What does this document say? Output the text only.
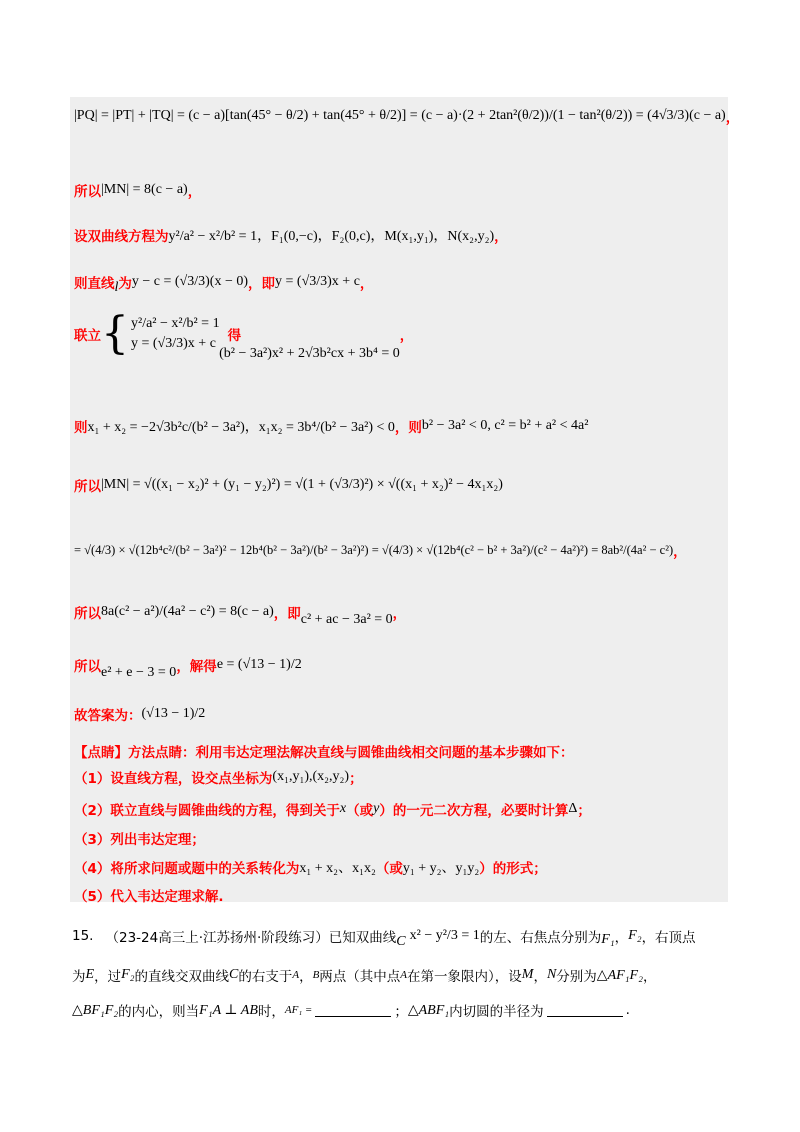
|PQ| = |PT| + |TQ| = (c − a)[tan(45° − θ/2) + tan(45° + θ/2)] = (c − a)·(2 + 2tan²(θ/2))/(1 − tan²(θ/2)) = (4√3/3)(c − a) ，
所以 |MN| = 8(c − a) ，
设双曲线方程为 y²/a² − x²/b² = 1，F₁(0,−c)，F₂(0,c)，M(x₁,y₁)，N(x₂,y₂) ，
则直线 l 为 y − c = (√3/3)(x − 0) ，即 y = (√3/3)x + c ，
联立 { y²/a² − x²/b² = 1
y = (√3/3)x + c 得
(b² − 3a²)x² + 2√3b²cx + 3b⁴ = 0
，
则 x₁ + x₂ = −2√3b²c/(b² − 3a²)，x₁x₂ = 3b⁴/(b² − 3a²) < 0 ，则 b² − 3a² < 0, c² = b² + a² < 4a²
所以 |MN| = √((x₁ − x₂)² + (y₁ − y₂)²) = √(1 + (√3/3)²) × √((x₁ + x₂)² − 4x₁x₂)
= √(4/3) × √(12b⁴c²/(b² − 3a²)² − 12b⁴(b² − 3a²)/(b² − 3a²)²) = √(4/3) × √(12b⁴(c² − b² + 3a²)/(c² − 4a²)²) = 8ab²/(4a² − c²) ，
所以 8a(c² − a²)/(4a² − c²) = 8(c − a) ，即 c² + ac − 3a² = 0 ，
所以 e² + e − 3 = 0 ，解得 e = (√13 − 1)/2
故答案为： (√13 − 1)/2
【点睛】方法点睛：利用韦达定理法解决直线与圆锥曲线相交问题的基本步骤如下：
（1）设直线方程，设交点坐标为 (x₁,y₁),(x₂,y₂) ；
（2）联立直线与圆锥曲线的方程，得到关于 x （或 y ）的一元二次方程，必要时计算 Δ ；
（3）列出韦达定理；
（4）将所求问题或题中的关系转化为 x₁ + x₂、x₁x₂ （或 y₁ + y₂、y₁y₂ ）的形式；
（5）代入韦达定理求解.
15. （23-24高三上·江苏扬州·阶段练习） 已知双曲线 C x² − y²/3 = 1 的左、右焦点分别为 F₁ ， F₂ ，右顶点
为 E ，过 F₂ 的直线交双曲线 C 的右支于 A ， B 两点（其中点 A 在第一象限内），设 M ， N 分别为 △AF₁F₂ ，
△BF₁F₂ 的内心，则当 F₁A ⊥ AB 时， AF₁ =	； △ABF₁ 内切圆的半径为	.
